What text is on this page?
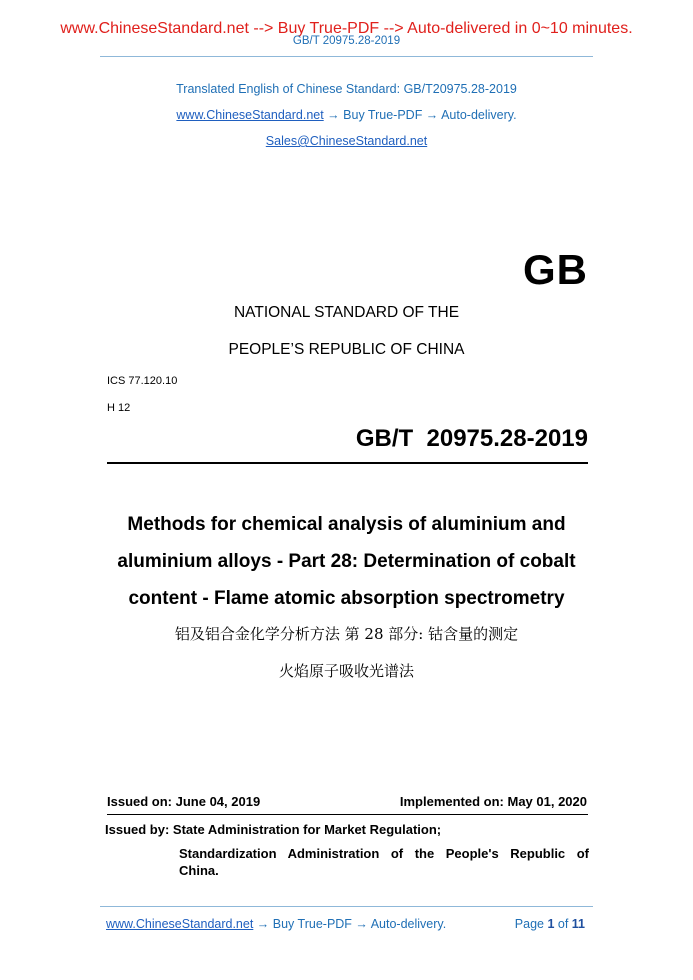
www.ChineseStandard.net --> Buy True-PDF --> Auto-delivered in 0~10 minutes.
GB/T 20975.28-2019
Translated English of Chinese Standard: GB/T20975.28-2019
www.ChineseStandard.net → Buy True-PDF → Auto-delivery.
Sales@ChineseStandard.net
GB
NATIONAL STANDARD OF THE
PEOPLE’S REPUBLIC OF CHINA
ICS 77.120.10
H 12
GB/T  20975.28-2019
Methods for chemical analysis of aluminium and
aluminium alloys - Part 28: Determination of cobalt
content - Flame atomic absorption spectrometry
铝及铝合金化学分析方法 第 28 部分: 钴含量的测定
火焰原子吸收光谱法
Issued on: June 04, 2019	Implemented on: May 01, 2020
Issued by: State Administration for Market Regulation;
Standardization Administration of the People's Republic of
China.
www.ChineseStandard.net → Buy True-PDF → Auto-delivery.	Page 1 of 11
